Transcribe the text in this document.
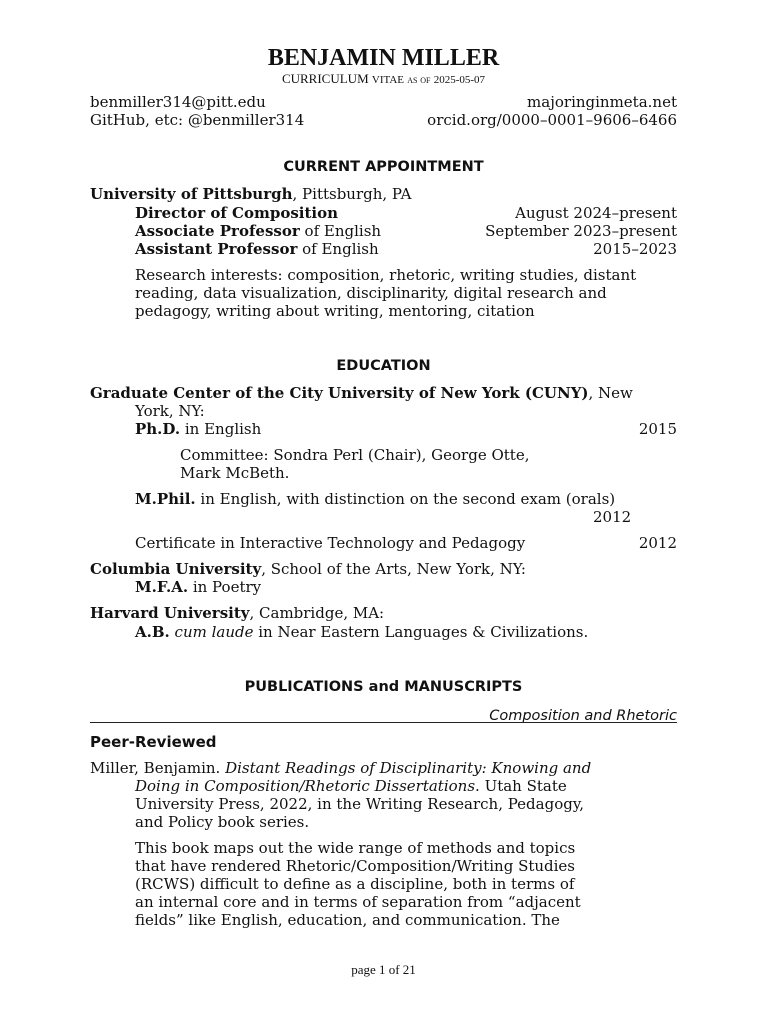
BENJAMIN MILLER
CURRICULUM VITAE as of 2025-05-07
benmiller314@pitt.edu	majoringinmeta.net
GitHub, etc: @benmiller314	orcid.org/0000–0001–9606–6466
CURRENT APPOINTMENT
University of Pittsburgh, Pittsburgh, PA
Director of Composition	August 2024–present
Associate Professor of English	September 2023–present
Assistant Professor of English	2015–2023
Research interests: composition, rhetoric, writing studies, distant
reading, data visualization, disciplinarity, digital research and
pedagogy, writing about writing, mentoring, citation
EDUCATION
Graduate Center of the City University of New York (CUNY), New
York, NY:
Ph.D. in English	2015
Committee: Sondra Perl (Chair), George Otte,
Mark McBeth.
M.Phil. in English, with distinction on the second exam (orals)
2012
Certificate in Interactive Technology and Pedagogy	2012
Columbia University, School of the Arts, New York, NY:
M.F.A. in Poetry
Harvard University, Cambridge, MA:
A.B. cum laude in Near Eastern Languages & Civilizations.
PUBLICATIONS and MANUSCRIPTS
Composition and Rhetoric
Peer-Reviewed
Miller, Benjamin. Distant Readings of Disciplinarity: Knowing and
Doing in Composition/Rhetoric Dissertations. Utah State
University Press, 2022, in the Writing Research, Pedagogy,
and Policy book series.
This book maps out the wide range of methods and topics
that have rendered Rhetoric/Composition/Writing Studies
(RCWS) difficult to define as a discipline, both in terms of
an internal core and in terms of separation from “adjacent
fields” like English, education, and communication. The
page 1 of 21
